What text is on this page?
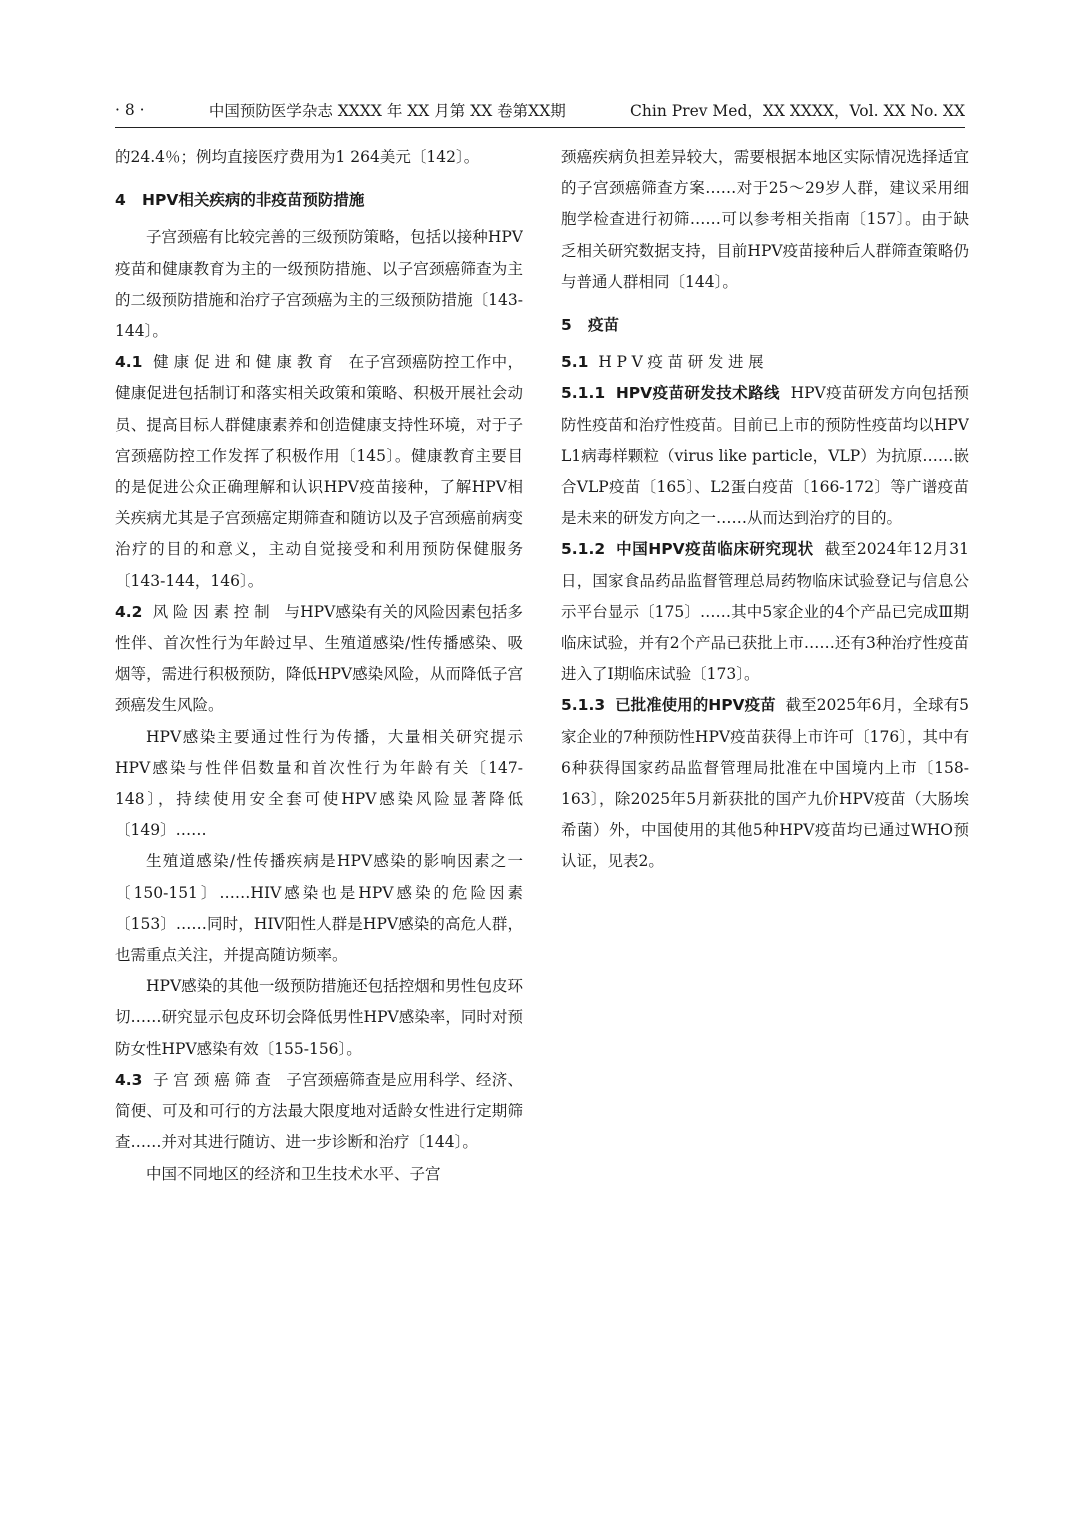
· 8 ·	中国预防医学杂志 XXXX 年 XX 月第 XX 卷第XX期	Chin Prev Med，XX XXXX，Vol. XX No. XX

的24.4％；例均直接医疗费用为1 264美元〔142〕。

4 HPV相关疾病的非疫苗预防措施

子宫颈癌有比较完善的三级预防策略，包括以接种HPV疫苗和健康教育为主的一级预防措施、以子宫颈癌筛查为主的二级预防措施和治疗子宫颈癌为主的三级预防措施〔143-144〕。

4.1 健康促进和健康教育 在子宫颈癌防控工作中，健康促进包括制订和落实相关政策和策略、积极开展社会动员、提高目标人群健康素养和创造健康支持性环境，对于子宫颈癌防控工作发挥了积极作用〔145〕。健康教育主要目的是促进公众正确理解和认识HPV疫苗接种，了解HPV相关疾病尤其是子宫颈癌定期筛查和随访以及子宫颈癌前病变治疗的目的和意义，主动自觉接受和利用预防保健服务〔143-144，146〕。

4.2 风险因素控制 与HPV感染有关的风险因素包括多性伴、首次性行为年龄过早、生殖道感染/性传播感染、吸烟等，需进行积极预防，降低HPV感染风险，从而降低子宫颈癌发生风险。

HPV感染主要通过性行为传播，大量相关研究提示HPV感染与性伴侣数量和首次性行为年龄有关〔147-148〕，持续使用安全套可使HPV感染风险显著降低〔149〕……

生殖道感染/性传播疾病是HPV感染的影响因素之一〔150-151〕……HIV感染也是HPV感染的危险因素〔153〕……同时，HIV阳性人群是HPV感染的高危人群，也需重点关注，并提高随访频率。

HPV感染的其他一级预防措施还包括控烟和男性包皮环切……研究显示包皮环切会降低男性HPV感染率，同时对预防女性HPV感染有效〔155-156〕。

4.3 子宫颈癌筛查 子宫颈癌筛查是应用科学、经济、简便、可及和可行的方法最大限度地对适龄女性进行定期筛查……并对其进行随访、进一步诊断和治疗〔144〕。

中国不同地区的经济和卫生技术水平、子宫

颈癌疾病负担差异较大，需要根据本地区实际情况选择适宜的子宫颈癌筛查方案……对于25～29岁人群，建议采用细胞学检查进行初筛……可以参考相关指南〔157〕。由于缺乏相关研究数据支持，目前HPV疫苗接种后人群筛查策略仍与普通人群相同〔144〕。

5 疫苗

5.1 HPV疫苗研发进展

5.1.1 HPV疫苗研发技术路线 HPV疫苗研发方向包括预防性疫苗和治疗性疫苗。目前已上市的预防性疫苗均以HPV L1病毒样颗粒（virus like particle，VLP）为抗原……嵌合VLP疫苗〔165〕、L2蛋白疫苗〔166-172〕等广谱疫苗是未来的研发方向之一……从而达到治疗的目的。

5.1.2 中国HPV疫苗临床研究现状 截至2024年12月31日，国家食品药品监督管理总局药物临床试验登记与信息公示平台显示〔175〕……其中5家企业的4个产品已完成Ⅲ期临床试验，并有2个产品已获批上市……还有3种治疗性疫苗进入了Ⅰ期临床试验〔173〕。

5.1.3 已批准使用的HPV疫苗 截至2025年6月，全球有5家企业的7种预防性HPV疫苗获得上市许可〔176〕，其中有6种获得国家药品监督管理局批准在中国境内上市〔158-163〕，除2025年5月新获批的国产九价HPV疫苗（大肠埃希菌）外，中国使用的其他5种HPV疫苗均已通过WHO预认证，见表2。
